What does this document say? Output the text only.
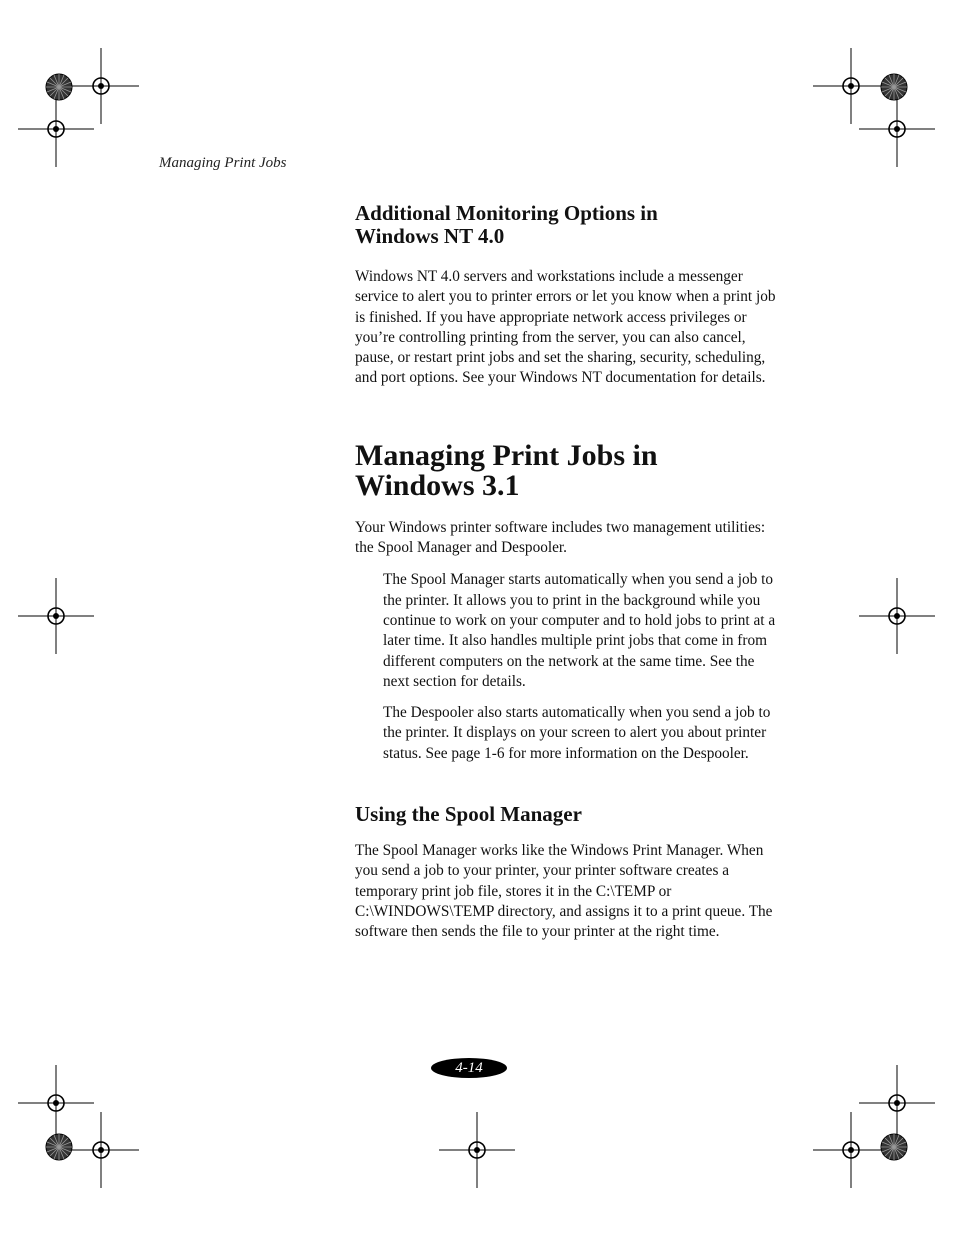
Managing Print Jobs
Additional Monitoring Options in
Windows NT 4.0

Windows NT 4.0 servers and workstations include a messenger service to alert you to printer errors or let you know when a print job is finished. If you have appropriate network access privileges or you’re controlling printing from the server, you can also cancel, pause, or restart print jobs and set the sharing, security, scheduling, and port options. See your Windows NT documentation for details.

Managing Print Jobs in
Windows 3.1

Your Windows printer software includes two management utilities: the Spool Manager and Despooler.

The Spool Manager starts automatically when you send a job to the printer. It allows you to print in the background while you continue to work on your computer and to hold jobs to print at a later time. It also handles multiple print jobs that come in from different computers on the network at the same time. See the next section for details.

The Despooler also starts automatically when you send a job to the printer. It displays on your screen to alert you about printer status. See page 1-6 for more information on the Despooler.

Using the Spool Manager

The Spool Manager works like the Windows Print Manager. When you send a job to your printer, your printer software creates a temporary print job file, stores it in the C:\TEMP or C:\WINDOWS\TEMP directory, and assigns it to a print queue. The software then sends the file to your printer at the right time.

4-14
